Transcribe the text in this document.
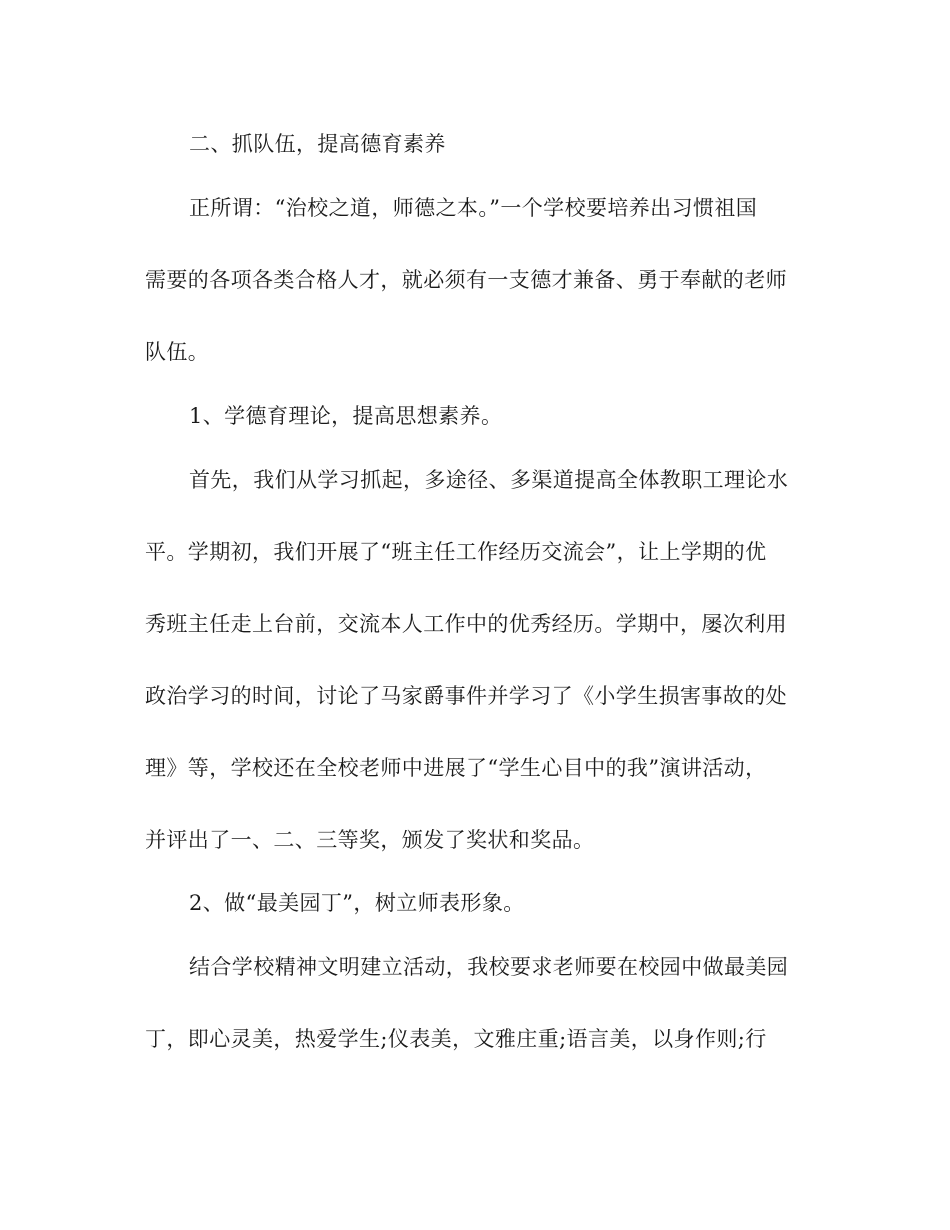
二、抓队伍，提高德育素养
正所谓：“治校之道，师德之本。”一个学校要培养出习惯祖国
需要的各项各类合格人才，就必须有一支德才兼备、勇于奉献的老师
队伍。
1、学德育理论，提高思想素养。
首先，我们从学习抓起，多途径、多渠道提高全体教职工理论水
平。学期初，我们开展了“班主任工作经历交流会”，让上学期的优
秀班主任走上台前，交流本人工作中的优秀经历。学期中，屡次利用
政治学习的时间，讨论了马家爵事件并学习了《小学生损害事故的处
理》等，学校还在全校老师中进展了“学生心目中的我”演讲活动，
并评出了一、二、三等奖，颁发了奖状和奖品。
2、做“最美园丁”，树立师表形象。
结合学校精神文明建立活动，我校要求老师要在校园中做最美园
丁，即心灵美，热爱学生;仪表美，文雅庄重;语言美，以身作则;行
